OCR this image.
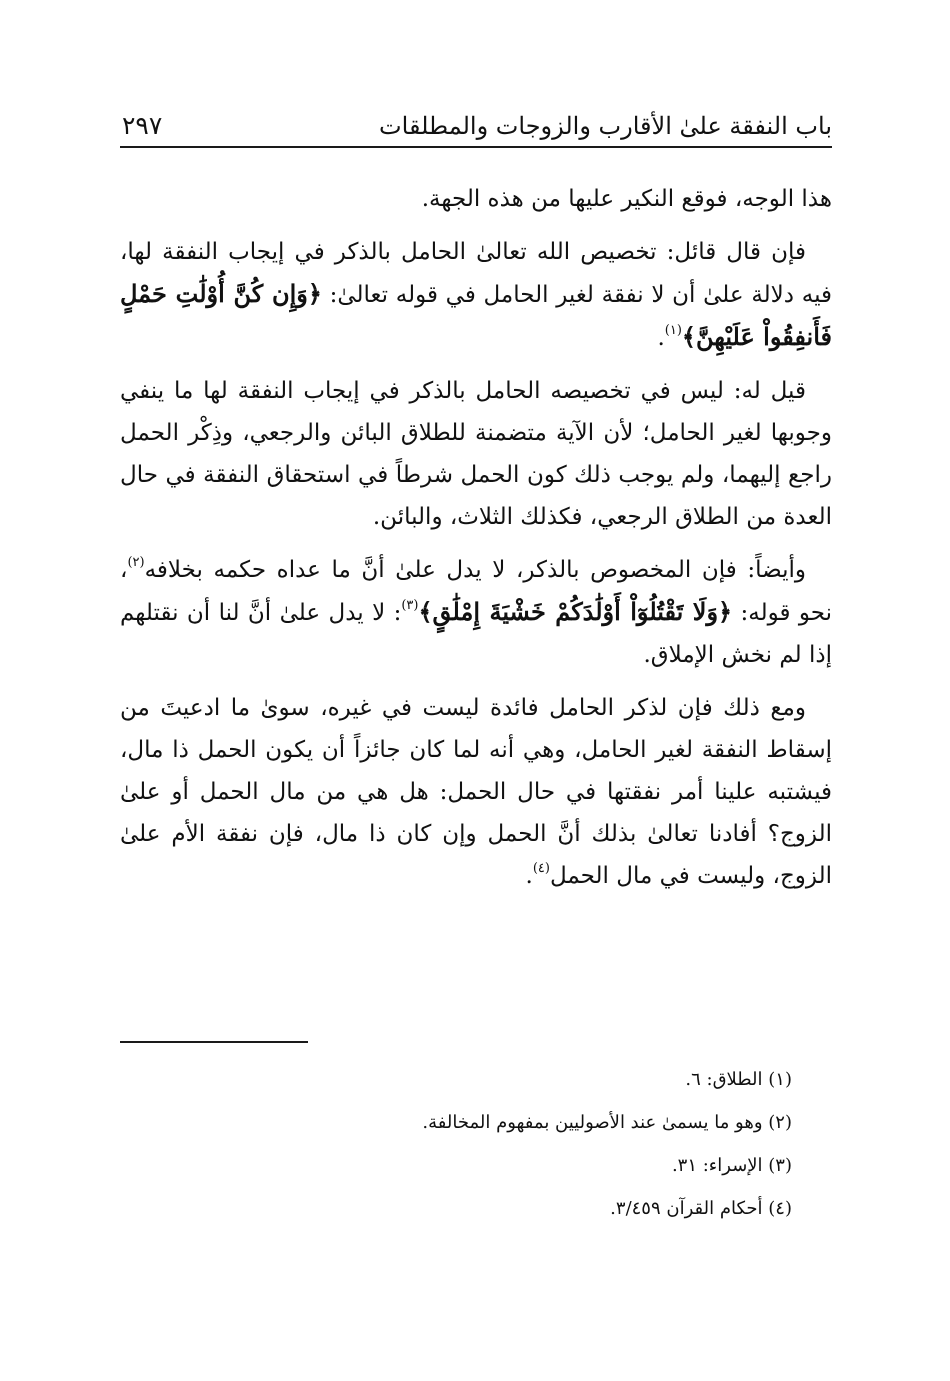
باب النفقة علىٰ الأقارب والزوجات والمطلقات
٢٩٧

هذا الوجه، فوقع النكير عليها من هذه الجهة.

فإن قال قائل: تخصيص الله تعالىٰ الحامل بالذكر في إيجاب النفقة لها، فيه دلالة علىٰ أن لا نفقة لغير الحامل في قوله تعالىٰ: ﴿وَإِن كُنَّ أُوْلَٰتِ حَمْلٍ فَأَنفِقُواْ عَلَيْهِنَّ﴾$^{(١)}$.

قيل له: ليس في تخصيصه الحامل بالذكر في إيجاب النفقة لها ما ينفي وجوبها لغير الحامل؛ لأن الآية متضمنة للطلاق البائن والرجعي، وذِكْر الحمل راجع إليهما، ولم يوجب ذلك كون الحمل شرطاً في استحقاق النفقة في حال العدة من الطلاق الرجعي، فكذلك الثلاث، والبائن.

وأيضاً: فإن المخصوص بالذكر، لا يدل علىٰ أنَّ ما عداه حكمه بخلافه$^{(٢)}$، نحو قوله: ﴿وَلَا تَقْتُلُوٓاْ أَوْلَٰدَكُمْ خَشْيَةَ إِمْلَٰقٍ﴾$^{(٣)}$: لا يدل علىٰ أنَّ لنا أن نقتلهم إذا لم نخش الإملاق.

ومع ذلك فإن لذكر الحامل فائدة ليست في غيره، سوىٰ ما ادعيتَ من إسقاط النفقة لغير الحامل، وهي أنه لما كان جائزاً أن يكون الحمل ذا مال، فيشتبه علينا أمر نفقتها في حال الحمل: هل هي من مال الحمل أو علىٰ الزوج؟ أفادنا تعالىٰ بذلك أنَّ الحمل وإن كان ذا مال، فإن نفقة الأم علىٰ الزوج، وليست في مال الحمل$^{(٤)}$.

(١) الطلاق: ٦.

(٢) وهو ما يسمىٰ عند الأصوليين بمفهوم المخالفة.

(٣) الإسراء: ٣١.

(٤) أحكام القرآن ٣/٤٥٩.
